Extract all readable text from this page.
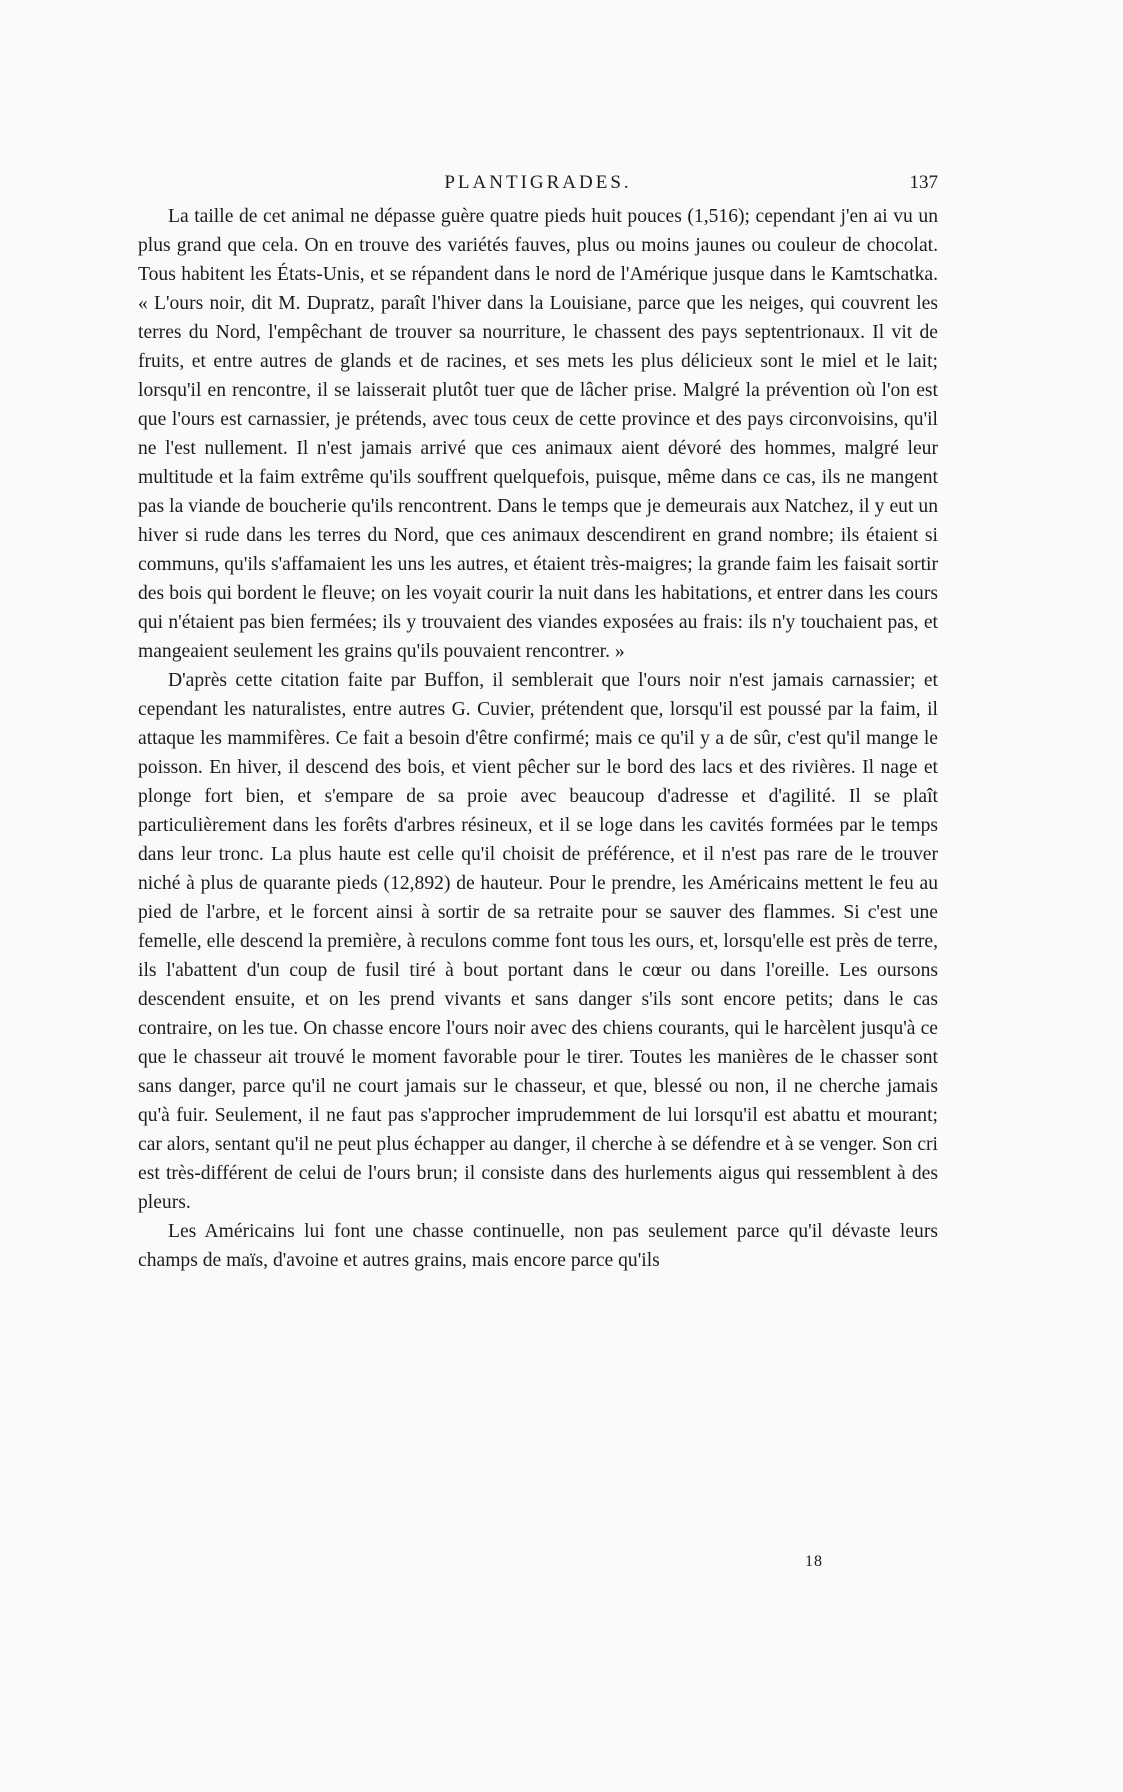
PLANTIGRADES.	137

La taille de cet animal ne dépasse guère quatre pieds huit pouces (1,516); cependant j'en ai vu un plus grand que cela. On en trouve des variétés fauves, plus ou moins jaunes ou couleur de chocolat. Tous habitent les États-Unis, et se répandent dans le nord de l'Amérique jusque dans le Kamtschatka. « L'ours noir, dit M. Dupratz, paraît l'hiver dans la Louisiane, parce que les neiges, qui couvrent les terres du Nord, l'empêchant de trouver sa nourriture, le chassent des pays septentrionaux. Il vit de fruits, et entre autres de glands et de racines, et ses mets les plus délicieux sont le miel et le lait; lorsqu'il en rencontre, il se laisserait plutôt tuer que de lâcher prise. Malgré la prévention où l'on est que l'ours est carnassier, je prétends, avec tous ceux de cette province et des pays circonvoisins, qu'il ne l'est nullement. Il n'est jamais arrivé que ces animaux aient dévoré des hommes, malgré leur multitude et la faim extrême qu'ils souffrent quelquefois, puisque, même dans ce cas, ils ne mangent pas la viande de boucherie qu'ils rencontrent. Dans le temps que je demeurais aux Natchez, il y eut un hiver si rude dans les terres du Nord, que ces animaux descendirent en grand nombre; ils étaient si communs, qu'ils s'affamaient les uns les autres, et étaient très-maigres; la grande faim les faisait sortir des bois qui bordent le fleuve; on les voyait courir la nuit dans les habitations, et entrer dans les cours qui n'étaient pas bien fermées; ils y trouvaient des viandes exposées au frais: ils n'y touchaient pas, et mangeaient seulement les grains qu'ils pouvaient rencontrer. »

D'après cette citation faite par Buffon, il semblerait que l'ours noir n'est jamais carnassier; et cependant les naturalistes, entre autres G. Cuvier, prétendent que, lorsqu'il est poussé par la faim, il attaque les mammifères. Ce fait a besoin d'être confirmé; mais ce qu'il y a de sûr, c'est qu'il mange le poisson. En hiver, il descend des bois, et vient pêcher sur le bord des lacs et des rivières. Il nage et plonge fort bien, et s'empare de sa proie avec beaucoup d'adresse et d'agilité. Il se plaît particulièrement dans les forêts d'arbres résineux, et il se loge dans les cavités formées par le temps dans leur tronc. La plus haute est celle qu'il choisit de préférence, et il n'est pas rare de le trouver niché à plus de quarante pieds (12,892) de hauteur. Pour le prendre, les Américains mettent le feu au pied de l'arbre, et le forcent ainsi à sortir de sa retraite pour se sauver des flammes. Si c'est une femelle, elle descend la première, à reculons comme font tous les ours, et, lorsqu'elle est près de terre, ils l'abattent d'un coup de fusil tiré à bout portant dans le cœur ou dans l'oreille. Les oursons descendent ensuite, et on les prend vivants et sans danger s'ils sont encore petits; dans le cas contraire, on les tue. On chasse encore l'ours noir avec des chiens courants, qui le harcèlent jusqu'à ce que le chasseur ait trouvé le moment favorable pour le tirer. Toutes les manières de le chasser sont sans danger, parce qu'il ne court jamais sur le chasseur, et que, blessé ou non, il ne cherche jamais qu'à fuir. Seulement, il ne faut pas s'approcher imprudemment de lui lorsqu'il est abattu et mourant; car alors, sentant qu'il ne peut plus échapper au danger, il cherche à se défendre et à se venger. Son cri est très-différent de celui de l'ours brun; il consiste dans des hurlements aigus qui ressemblent à des pleurs.

Les Américains lui font une chasse continuelle, non pas seulement parce qu'il dévaste leurs champs de maïs, d'avoine et autres grains, mais encore parce qu'ils

18
